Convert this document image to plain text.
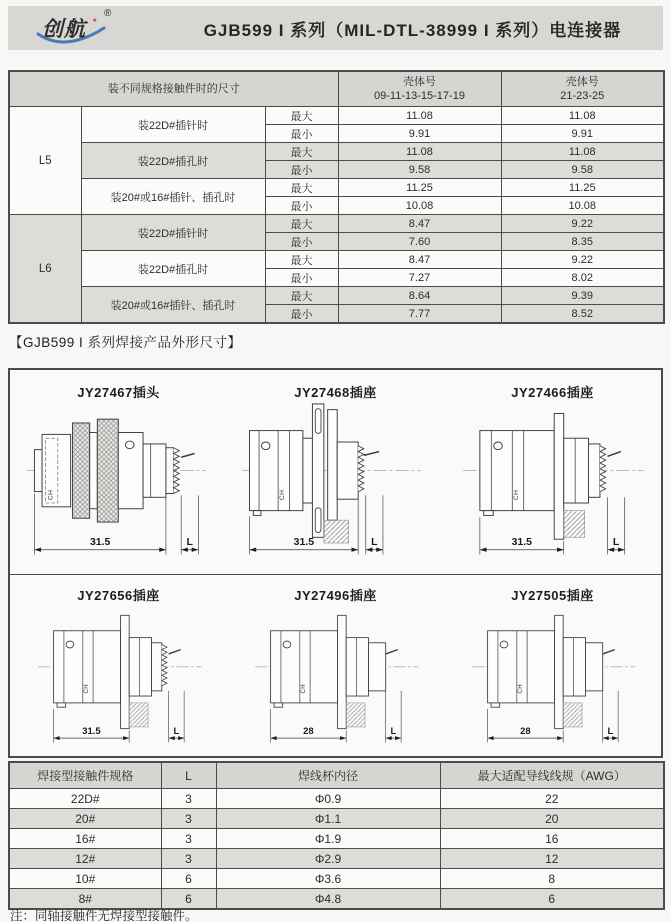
创航 ★
®
GJB599 I 系列（MIL-DTL-38999 I 系列）电连接器
装不同规格接触件时的尺寸	
壳体号
09-11-13-15-17-19

壳体号
21-23-25

L5	装22D#插针时	最大	11.08	11.08
		最小	9.91	9.91
	装22D#插孔时	最大	11.08	11.08
		最小	9.58	9.58
	装20#或16#插针、插孔时	最大	11.25	11.25
		最小	10.08	10.08
L6	装22D#插针时	最大	8.47	9.22
		最小	7.60	8.35
	装22D#插孔时	最大	8.47	9.22
		最小	7.27	8.02
	装20#或16#插针、插孔时	最大	8.64	9.39
		最小	7.77	8.52
【GJB599 I 系列焊接产品外形尺寸】
JY27467插头
CH
31.5	L
JY27468插座
CH
31.5	L
JY27466插座
CH
31.5	L
JY27656插座
CH
31.5	L
JY27496插座
CH
28	L
JY27505插座
CH
28	L
焊接型接触件规格	L	焊线杯内径	最大适配导线线规（AWG）
22D#	3	Φ0.9	22
20#	3	Φ1.1	20
16#	3	Φ1.9	16
12#	3	Φ2.9	12
10#	6	Φ3.6	8
8#	6	Φ4.8	6
注：同轴接触件无焊接型接触件。
